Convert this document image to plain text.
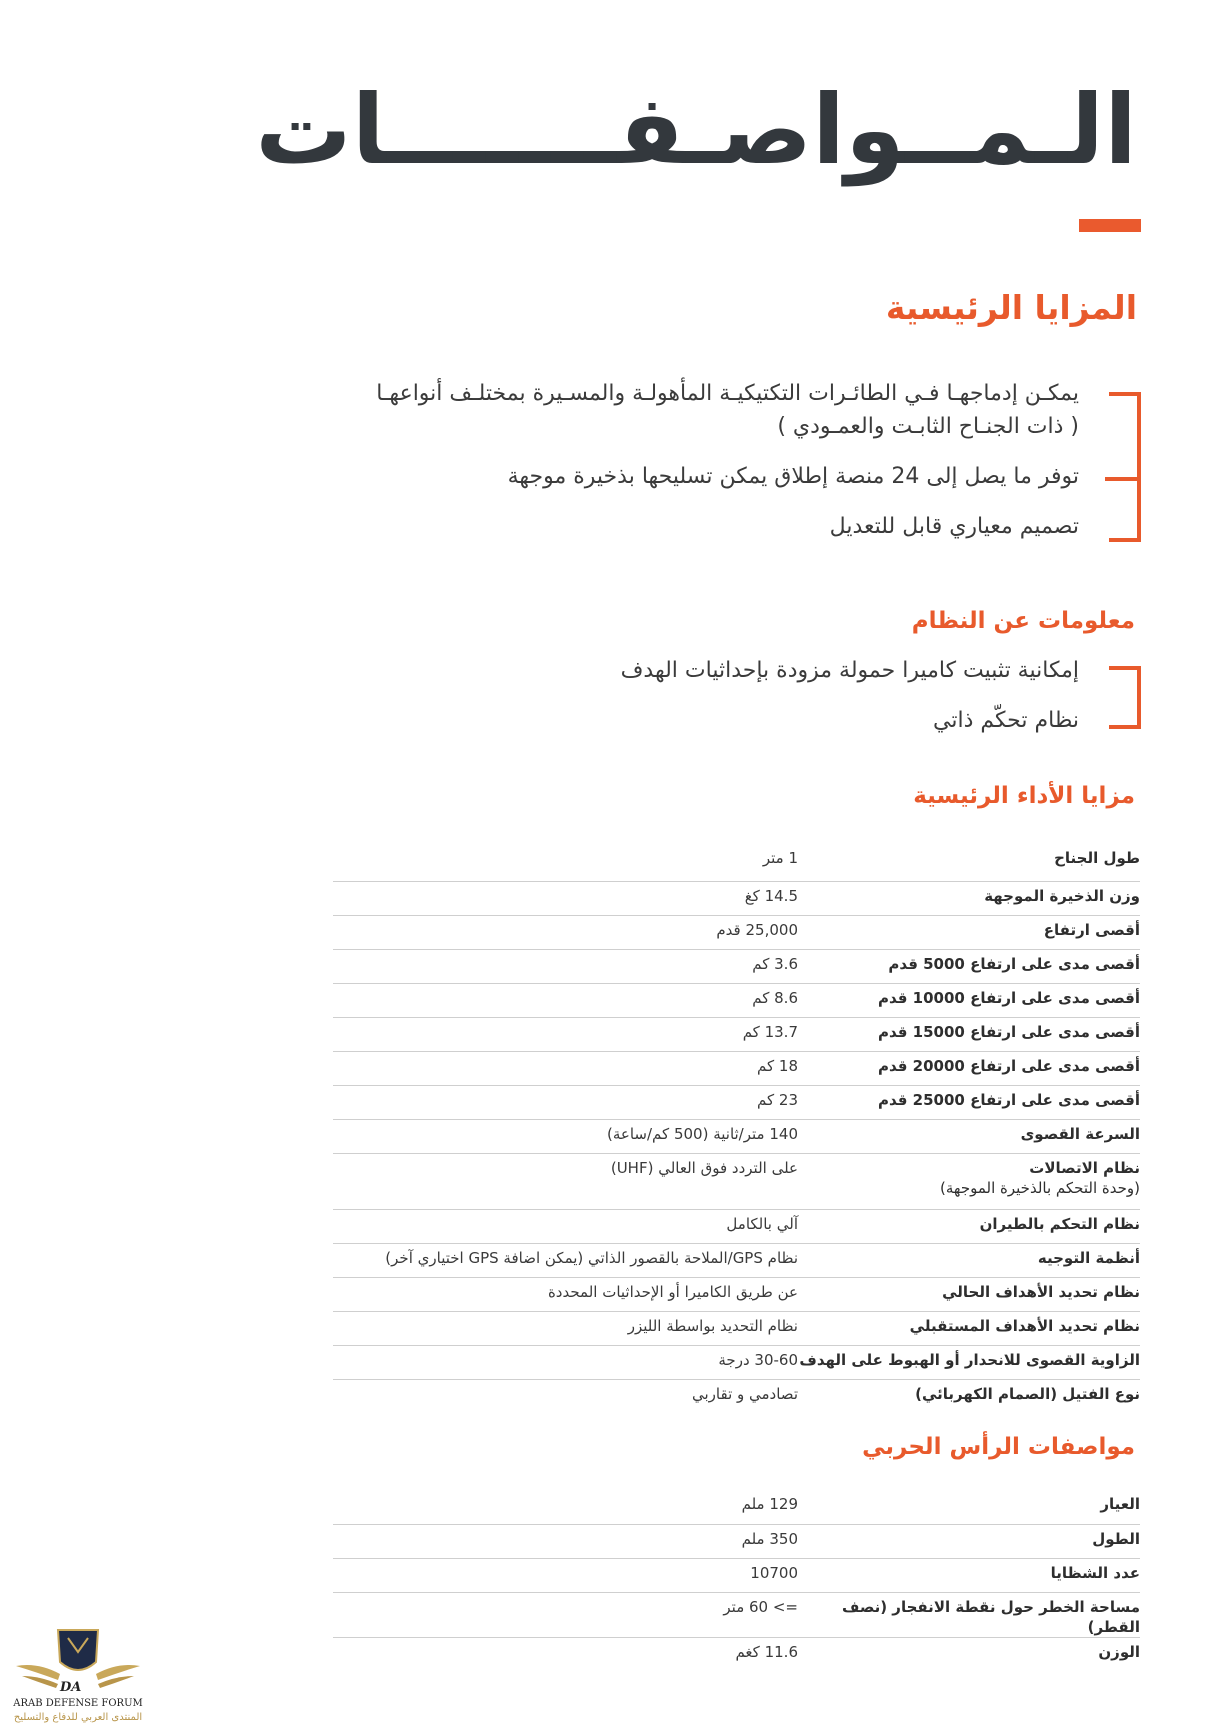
الـمــواصـفـــــــات
المزايا الرئيسية
يمكـن إدماجهـا فـي الطائـرات التكتيكيـة المأهولـة والمسـيرة بمختلـف أنواعهـا
( ذات الجنـاح الثابـت والعمـودي )
توفر ما يصل إلى 24 منصة إطلاق يمكن تسليحها بذخيرة موجهة
تصميم معياري قابل للتعديل
معلومات عن النظام
إمكانية تثبيت كاميرا حمولة مزودة بإحداثيات الهدف
نظام تحكّم ذاتي
مزايا الأداء الرئيسية
طول الجناح	1 متر
وزن الذخيرة الموجهة	14.5 كغ
أقصى ارتفاع	25,000 قدم
أقصى مدى على ارتفاع 5000 قدم	3.6 كم
أقصى مدى على ارتفاع 10000 قدم	8.6 كم
أقصى مدى على ارتفاع 15000 قدم	13.7 كم
أقصى مدى على ارتفاع 20000 قدم	18 كم
أقصى مدى على ارتفاع 25000 قدم	23 كم
السرعة القصوى	140 متر/ثانية (500 كم/ساعة)
نظام الاتصالات
(وحدة التحكم بالذخيرة الموجهة)	على التردد فوق العالي (UHF)
نظام التحكم بالطيران	آلي بالكامل
أنظمة التوجيه	نظام GPS/الملاحة بالقصور الذاتي (يمكن اضافة GPS اختياري آخر)
نظام تحديد الأهداف الحالي	عن طريق الكاميرا أو الإحداثيات المحددة
نظام تحديد الأهداف المستقبلي	نظام التحديد بواسطة الليزر
الزاوية القصوى للانحدار أو الهبوط على الهدف	30-60 درجة
نوع الفتيل (الصمام الكهربائي)	تصادمي و تقاربي
مواصفات الرأس الحربي
العيار	129 ملم
الطول	350 ملم
عدد الشظايا	10700
مساحة الخطر حول نقطة الانفجار (نصف القطر)	=> 60 متر
الوزن	11.6 كغم
DA
ARAB DEFENSE FORUM
المنتدى العربي للدفاع والتسليح
